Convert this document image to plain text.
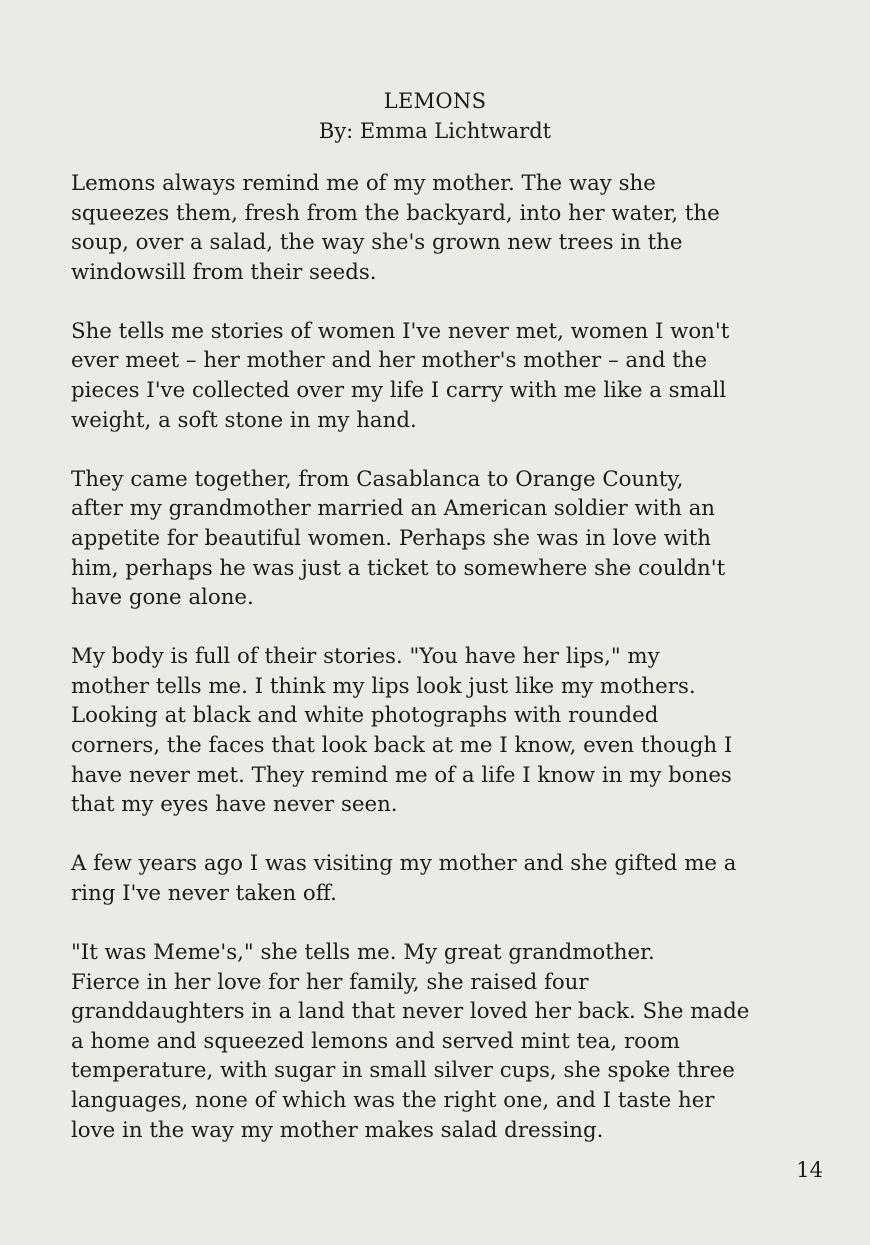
LEMONS
By: Emma Lichtwardt

Lemons always remind me of my mother. The way she
squeezes them, fresh from the backyard, into her water, the
soup, over a salad, the way she's grown new trees in the
windowsill from their seeds.

She tells me stories of women I've never met, women I won't
ever meet – her mother and her mother's mother – and the
pieces I've collected over my life I carry with me like a small
weight, a soft stone in my hand.

They came together, from Casablanca to Orange County,
after my grandmother married an American soldier with an
appetite for beautiful women. Perhaps she was in love with
him, perhaps he was just a ticket to somewhere she couldn't
have gone alone.

My body is full of their stories. "You have her lips," my
mother tells me. I think my lips look just like my mothers.
Looking at black and white photographs with rounded
corners, the faces that look back at me I know, even though I
have never met. They remind me of a life I know in my bones
that my eyes have never seen.

A few years ago I was visiting my mother and she gifted me a
ring I've never taken off.

"It was Meme's," she tells me. My great grandmother.
Fierce in her love for her family, she raised four
granddaughters in a land that never loved her back. She made
a home and squeezed lemons and served mint tea, room
temperature, with sugar in small silver cups, she spoke three
languages, none of which was the right one, and I taste her
love in the way my mother makes salad dressing.

14
